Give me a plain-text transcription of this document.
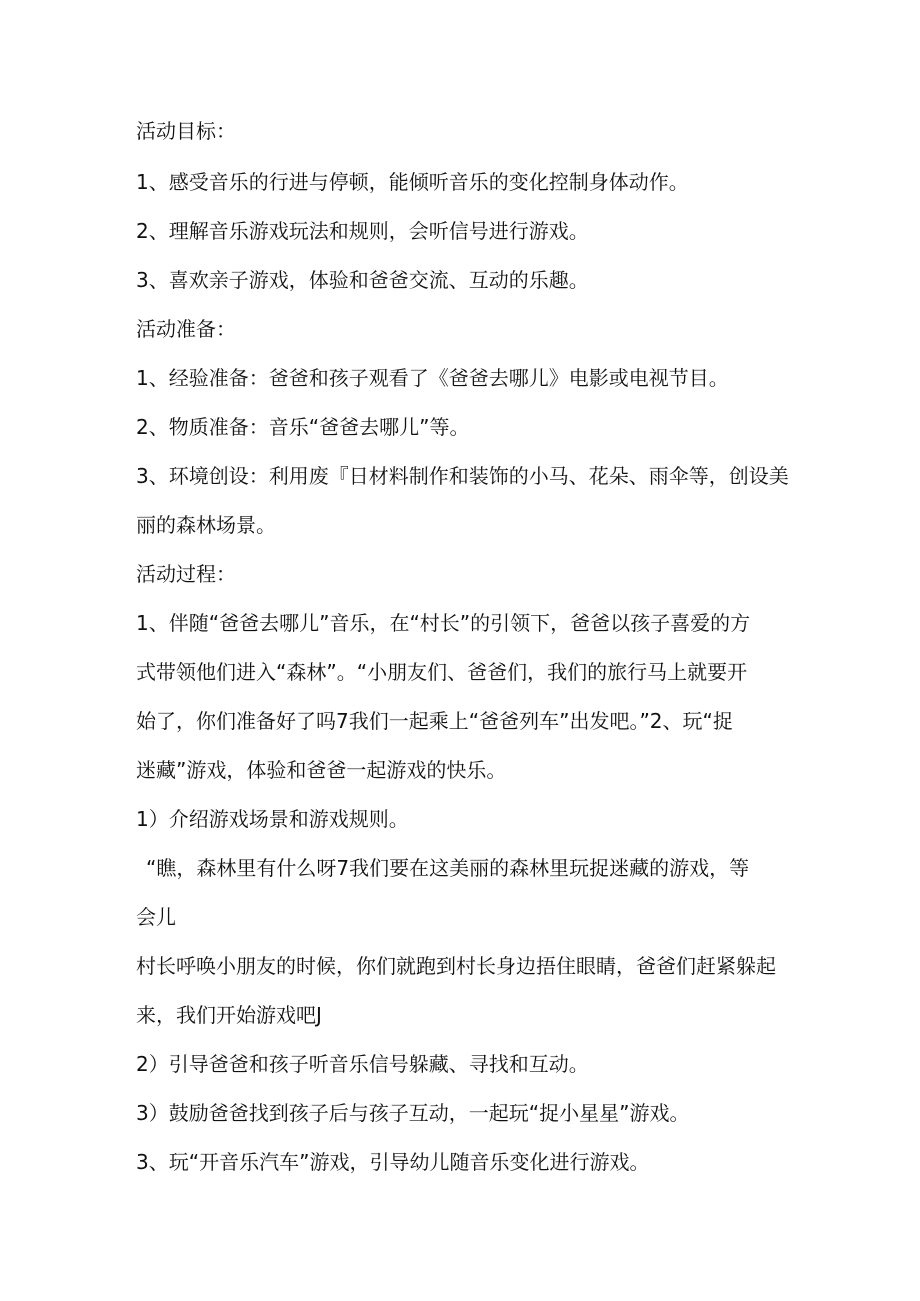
活动目标：
1、感受音乐的行进与停顿，能倾听音乐的变化控制身体动作。
2、理解音乐游戏玩法和规则，会听信号进行游戏。
3、喜欢亲子游戏，体验和爸爸交流、互动的乐趣。
活动准备：
1、经验准备：爸爸和孩子观看了《爸爸去哪儿》电影或电视节目。
2、物质准备：音乐“爸爸去哪儿”等。
3、环境创设：利用废『日材料制作和装饰的小马、花朵、雨伞等，创设美
丽的森林场景。
活动过程：
1、伴随“爸爸去哪儿”音乐，在“村长”的引领下，爸爸以孩子喜爱的方
式带领他们进入“森林”。“小朋友们、爸爸们，我们的旅行马上就要开
始了，你们准备好了吗7我们一起乘上“爸爸列车”出发吧。”2、玩“捉
迷藏”游戏，体验和爸爸一起游戏的快乐。
1）介绍游戏场景和游戏规则。
“瞧，森林里有什么呀7我们要在这美丽的森林里玩捉迷藏的游戏，等
会儿
村长呼唤小朋友的时候，你们就跑到村长身边捂住眼睛，爸爸们赶紧躲起
来，我们开始游戏吧J
2）引导爸爸和孩子听音乐信号躲藏、寻找和互动。
3）鼓励爸爸找到孩子后与孩子互动，一起玩“捉小星星”游戏。
3、玩“开音乐汽车”游戏，引导幼儿随音乐变化进行游戏。
